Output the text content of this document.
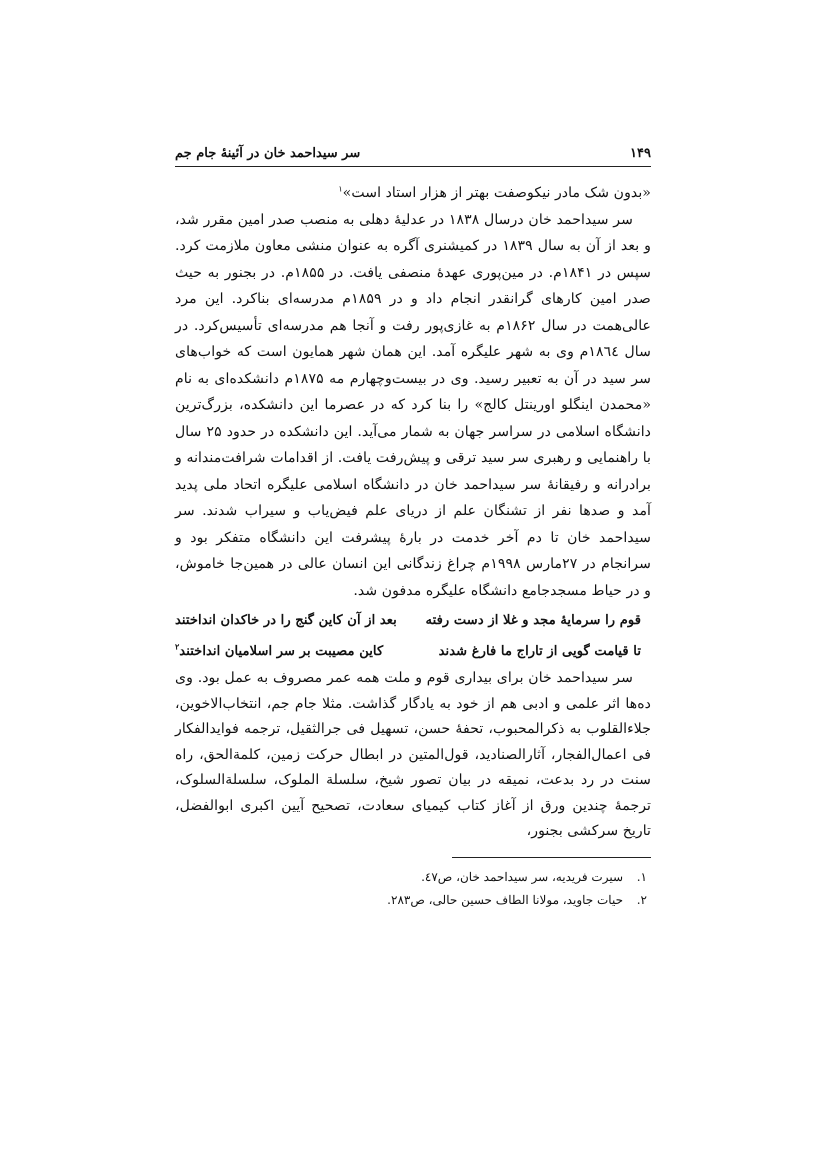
۱۴۹
سر سیداحمد خان در آئینهٔ جام جم

«بدون شک مادر نیکوصفت بهتر از هزار استاد است»$^۱$

سر سیداحمد خان درسال ۱۸۳۸ در عدلیهٔ دهلی به منصب صدر امین مقرر شد، و بعد از آن به سال ۱۸۳۹ در کمیشنری آگره به عنوان منشی معاون ملازمت کرد. سپس در ۱۸۴۱م. در مین‌پوری عهدهٔ منصفی یافت. در ۱۸۵۵م. در بجنور به حیث صدر امین کارهای گرانقدر انجام داد و در ۱۸۵۹م مدرسه‌ای بناکرد. این مرد عالی‌همت در سال ۱۸۶۲م به غازی‌پور رفت و آنجا هم مدرسه‌ای تأسیس‌کرد. در سال ۱۸٦٤م وی به شهر علیگره آمد. این همان شهر همایون است که خواب‌های سر سید در آن به تعبیر رسید. وی در بیست‌وچهارم مه ۱۸۷۵م دانشکده‌ای به نام «محمدن اینگلو اورینتل کالج» را بنا کرد که در عصرما این دانشکده، بزرگ‌ترین دانشگاه اسلامی در سراسر جهان به شمار می‌آید. این دانشکده در حدود ۲۵ سال با راهنمایی و رهبری سر سید ترقی و پیش‌رفت یافت. از اقدامات شرافت‌مندانه و برادرانه و رفیقانهٔ سر سیداحمد خان در دانشگاه اسلامی علیگره اتحاد ملی پدید آمد و صدها نفر از تشنگان علم از دریای علم فیض‌یاب و سیراب شدند. سر سیداحمد خان تا دم آخر خدمت در بارهٔ پیشرفت این دانشگاه متفکر بود و سرانجام در ۲۷مارس ۱۹۹۸م چراغ زندگانی این انسان عالی در همین‌جا خاموش، و در حیاط مسجدجامع دانشگاه علیگره مدفون شد.

قوم را سرمایهٔ مجد و غلا از دست رفته
بعد از آن کاین گنج را در خاکدان انداختند
تا قیامت گویی از تاراج ما فارغ شدند
کاین مصیبت بر سر اسلامیان انداختند$^۲$

سر سیداحمد خان برای بیداری قوم و ملت همه عمر مصروف به عمل بود. وی ده‌ها اثر علمی و ادبی هم از خود به یادگار گذاشت. مثلا جام جم، انتخاب‌الاخوین، جلاءالقلوب به ذکرالمحبوب، تحفهٔ حسن، تسهیل فی جرالثقیل، ترجمه فوایدالفکار فی اعمال‌الفجار، آثارالصنادید، قول‌المتین در ابطال حرکت زمین، کلمةالحق، راه سنت در رد بدعت، نمیقه در بیان تصور شیخ، سلسلة الملوک، سلسلةالسلوک، ترجمهٔ چندین ورق از آغاز کتاب کیمیای سعادت، تصحیح آیین اکبری ابوالفضل، تاریخ سرکشی بجنور،

۱.سیرت فریدیه، سر سیداحمد خان، ص٤٧.

۲.حیات جاوید، مولانا الطاف حسین حالی، ص۲۸۳.
